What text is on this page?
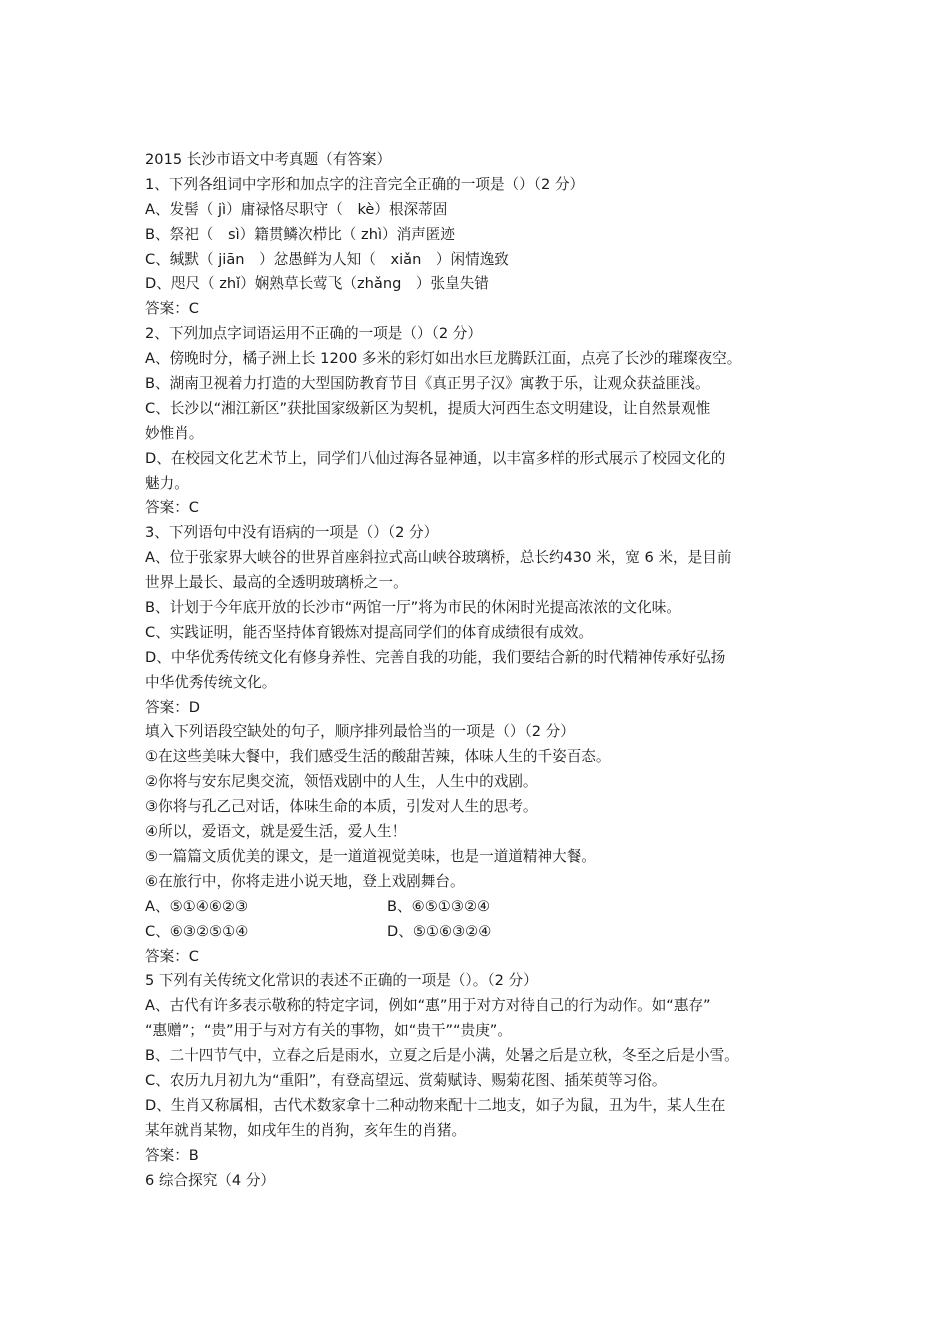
2015 长沙市语文中考真题（有答案）
1、下列各组词中字形和加点字的注音完全正确的一项是（）（2 分）
A、发髻（ jì）庸禄恪尽职守（　kè）根深蒂固
B、祭祀（　sì）籍贯鳞次栉比（ zhì）消声匿迹
C、缄默（ jiān　）忿愚鲜为人知（　xiǎn　）闲情逸致
D、咫尺（ zhǐ）娴熟草长莺飞（zhǎng　）张皇失错
答案：C
2、下列加点字词语运用不正确的一项是（）（2 分）
A、傍晚时分，橘子洲上长 1200 多米的彩灯如出水巨龙腾跃江面，点亮了长沙的璀璨夜空。
B、湖南卫视着力打造的大型国防教育节目《真正男子汉》寓教于乐，让观众获益匪浅。
C、长沙以“湘江新区”获批国家级新区为契机，提质大河西生态文明建设，让自然景观惟
妙惟肖。
D、在校园文化艺术节上，同学们八仙过海各显神通，以丰富多样的形式展示了校园文化的
魅力。
答案：C
3、下列语句中没有语病的一项是（）（2 分）
A、位于张家界大峡谷的世界首座斜拉式高山峡谷玻璃桥，总长约430 米，宽 6 米，是目前
世界上最长、最高的全透明玻璃桥之一。
B、计划于今年底开放的长沙市“两馆一厅”将为市民的休闲时光提高浓浓的文化味。
C、实践证明，能否坚持体育锻炼对提高同学们的体育成绩很有成效。
D、中华优秀传统文化有修身养性、完善自我的功能，我们要结合新的时代精神传承好弘扬
中华优秀传统文化。
答案：D
填入下列语段空缺处的句子，顺序排列最恰当的一项是（）（2 分）
①在这些美味大餐中，我们感受生活的酸甜苦辣，体味人生的千姿百态。
②你将与安东尼奥交流，领悟戏剧中的人生，人生中的戏剧。
③你将与孔乙己对话，体味生命的本质，引发对人生的思考。
④所以，爱语文，就是爱生活，爱人生！
⑤一篇篇文质优美的课文，是一道道视觉美味，也是一道道精神大餐。
⑥在旅行中，你将走进小说天地，登上戏剧舞台。
A、⑤①④⑥②③	B、⑥⑤①③②④
C、⑥③②⑤①④	D、⑤①⑥③②④
答案：C
5 下列有关传统文化常识的表述不正确的一项是（）。（2 分）
A、古代有许多表示敬称的特定字词，例如“惠”用于对方对待自己的行为动作。如“惠存”
“惠赠”；“贵”用于与对方有关的事物，如“贵干”“贵庚”。
B、二十四节气中，立春之后是雨水，立夏之后是小满，处暑之后是立秋，冬至之后是小雪。
C、农历九月初九为“重阳”，有登高望远、赏菊赋诗、赐菊花图、插茱萸等习俗。
D、生肖又称属相，古代术数家拿十二种动物来配十二地支，如子为鼠，丑为牛，某人生在
某年就肖某物，如戌年生的肖狗，亥年生的肖猪。
答案：B
6 综合探究（4 分）
